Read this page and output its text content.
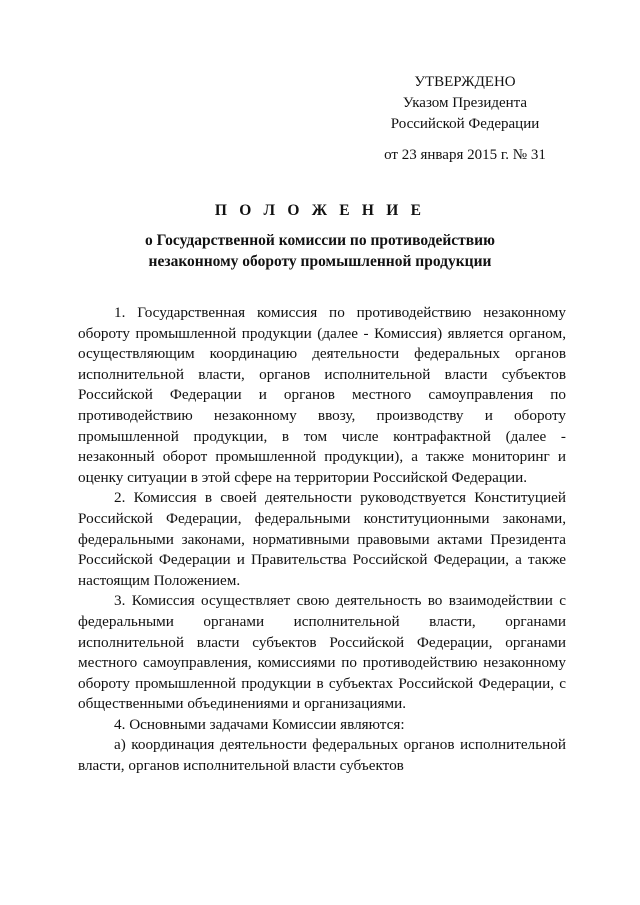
УТВЕРЖДЕНО
Указом Президента
Российской Федерации
от 23 января 2015 г. № 31
П О Л О Ж Е Н И Е
о Государственной комиссии по противодействию
незаконному обороту промышленной продукции

1. Государственная комиссия по противодействию незаконному обороту промышленной продукции (далее - Комиссия) является органом, осуществляющим координацию деятельности федеральных органов исполнительной власти, органов исполнительной власти субъектов Российской Федерации и органов местного самоуправления по противодействию незаконному ввозу, производству и обороту промышленной продукции, в том числе контрафактной (далее - незаконный оборот промышленной продукции), а также мониторинг и оценку ситуации в этой сфере на территории Российской Федерации.

2. Комиссия в своей деятельности руководствуется Конституцией Российской Федерации, федеральными конституционными законами, федеральными законами, нормативными правовыми актами Президента Российской Федерации и Правительства Российской Федерации, а также настоящим Положением.

3. Комиссия осуществляет свою деятельность во взаимодействии с федеральными органами исполнительной власти, органами исполнительной власти субъектов Российской Федерации, органами местного самоуправления, комиссиями по противодействию незаконному обороту промышленной продукции в субъектах Российской Федерации, с общественными объединениями и организациями.

4. Основными задачами Комиссии являются:

а) координация деятельности федеральных органов исполнительной власти, органов исполнительной власти субъектов
